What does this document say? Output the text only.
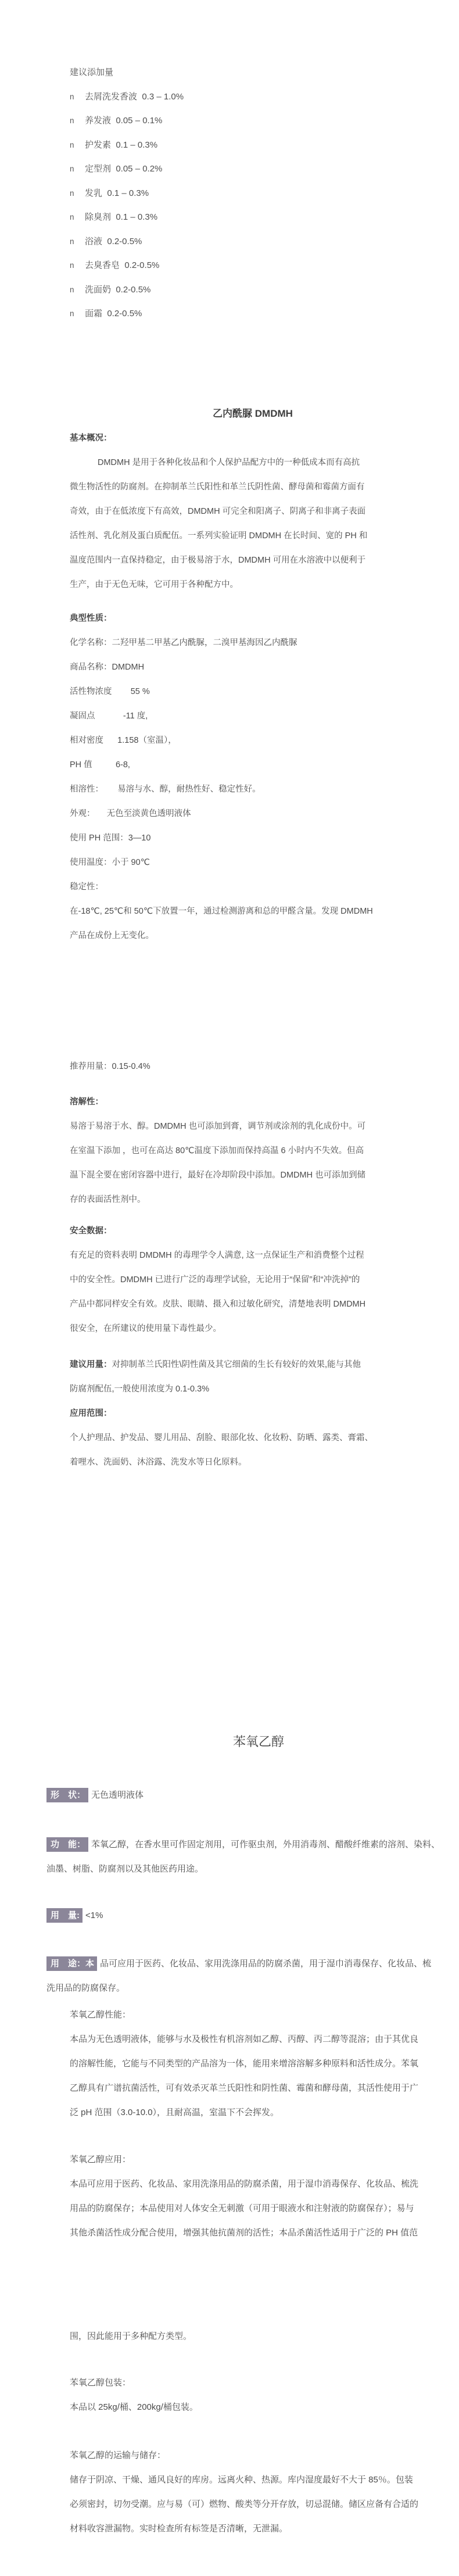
建议添加量
n 去屑洗发香波  0.3 – 1.0%
n 养发液  0.05 – 0.1%
n 护发素  0.1 – 0.3%
n 定型剂  0.05 – 0.2%
n 发乳  0.1 – 0.3%
n 除臭剂  0.1 – 0.3%
n 浴液  0.2-0.5%
n 去臭香皂  0.2-0.5%
n 洗面奶  0.2-0.5%
n 面霜  0.2-0.5%
乙内酰脲 DMDMH
基本概况：
DMDMH 是用于各种化妆品和个人保护品配方中的一种低成本而有高抗
微生物活性的防腐剂。在抑制革兰氏阳性和革兰氏阴性菌、酵母菌和霉菌方面有
奇效，由于在低浓度下有高效，DMDMH 可完全和阳离子、阴离子和非离子表面
活性剂、乳化剂及蛋白质配伍。一系列实验证明 DMDMH 在长时间、宽的 PH 和
温度范围内一直保持稳定，由于极易溶于水，DMDMH 可用在水溶液中以便利于
生产，由于无色无味，它可用于各种配方中。
典型性质：
化学名称：二羟甲基二甲基乙内酰脲，二溴甲基海因乙内酰脲
商品名称：DMDMH
活性物浓度        55 %
凝固点            -11 度,
相对密度      1.158（室温），
PH 值          6-8,
相溶性：      易溶与水、醇，耐热性好、稳定性好。
外观：     无色至淡黄色透明液体
使用 PH 范围：3—10
使用温度：小于 90℃
稳定性：
在-18℃, 25℃和 50℃下放置一年，通过检测游离和总的甲醛含量。发现 DMDMH
产品在成份上无变化。
推荐用量：0.15-0.4%
溶解性：
易溶于易溶于水、醇。DMDMH 也可添加到膏，调节剂或涂剂的乳化成份中。可
在室温下添加 ，也可在高达 80℃温度下添加而保持高温 6 小时内不失效。但高
温下混全要在密闭容器中进行，最好在冷却阶段中添加。DMDMH 也可添加到储
存的表面活性剂中。
安全数据：
有充足的资料表明 DMDMH 的毒理学令人满意, 这一点保证生产和消费整个过程
中的安全性。DMDMH 已进行广泛的毒理学试验，无论用于“保留”和“冲洗掉”的
产品中都同样安全有效。皮肤、眼睛、摄入和过敏化研究，清楚地表明 DMDMH
很安全，在所建议的使用量下毒性最少。
建议用量：对抑制革兰氏阳性\阴性菌及其它细菌的生长有较好的效果,能与其他
防腐剂配伍,一般使用浓度为 0.1-0.3%
应用范围：
个人护理品、护发品、婴儿用品、刮脸、眼部化妆、化妆粉、防晒、露类、膏霜、
着哩水、洗面奶、沐浴露、洗发水等日化原料。
苯氧乙醇
形　状： 无色透明液体
功　能： 苯氧乙醇，在香水里可作固定剂用，可作驱虫剂，外用消毒剂、醋酸纤维素的溶剂、染料、
油墨、树脂、防腐剂以及其他医药用途。
用　量: <1%
用　途：本 品可应用于医药、化妆品、家用洗涤用品的防腐杀菌，用于湿巾消毒保存、化妆品、梳
洗用品的防腐保存。
苯氧乙醇性能：
本品为无色透明液体，能够与水及极性有机溶剂如乙醇、丙醇、丙二醇等混溶；由于其优良
的溶解性能，它能与不同类型的产品溶为一体，能用来增溶溶解多种原料和活性成分。苯氧
乙醇具有广谱抗菌活性，可有效杀灭革兰氏阳性和阴性菌、霉菌和酵母菌，其活性使用于广
泛 pH 范围（3.0-10.0），且耐高温，室温下不会挥发。
苯氧乙醇应用：
本品可应用于医药、化妆品、家用洗涤用品的防腐杀菌，用于湿巾消毒保存、化妆品、梳洗
用品的防腐保存；本品使用对人体安全无刺激（可用于眼液水和注射液的防腐保存）；易与
其他杀菌活性成分配合使用，增强其他抗菌剂的活性；本品杀菌活性适用于广泛的 PH 值范
围，因此能用于多种配方类型。
苯氧乙醇包装：
本品以 25kg/桶、200kg/桶包装。
苯氧乙醇的运输与储存：
储存于阴凉、干燥、通风良好的库房。远离火种、热源。库内湿度最好不大于 85％。包装
必须密封，切勿受潮。应与易（可）燃物、酸类等分开存放，切忌混储。储区应备有合适的
材料收容泄漏物。实时检查所有标签是否清晰，无泄漏。
